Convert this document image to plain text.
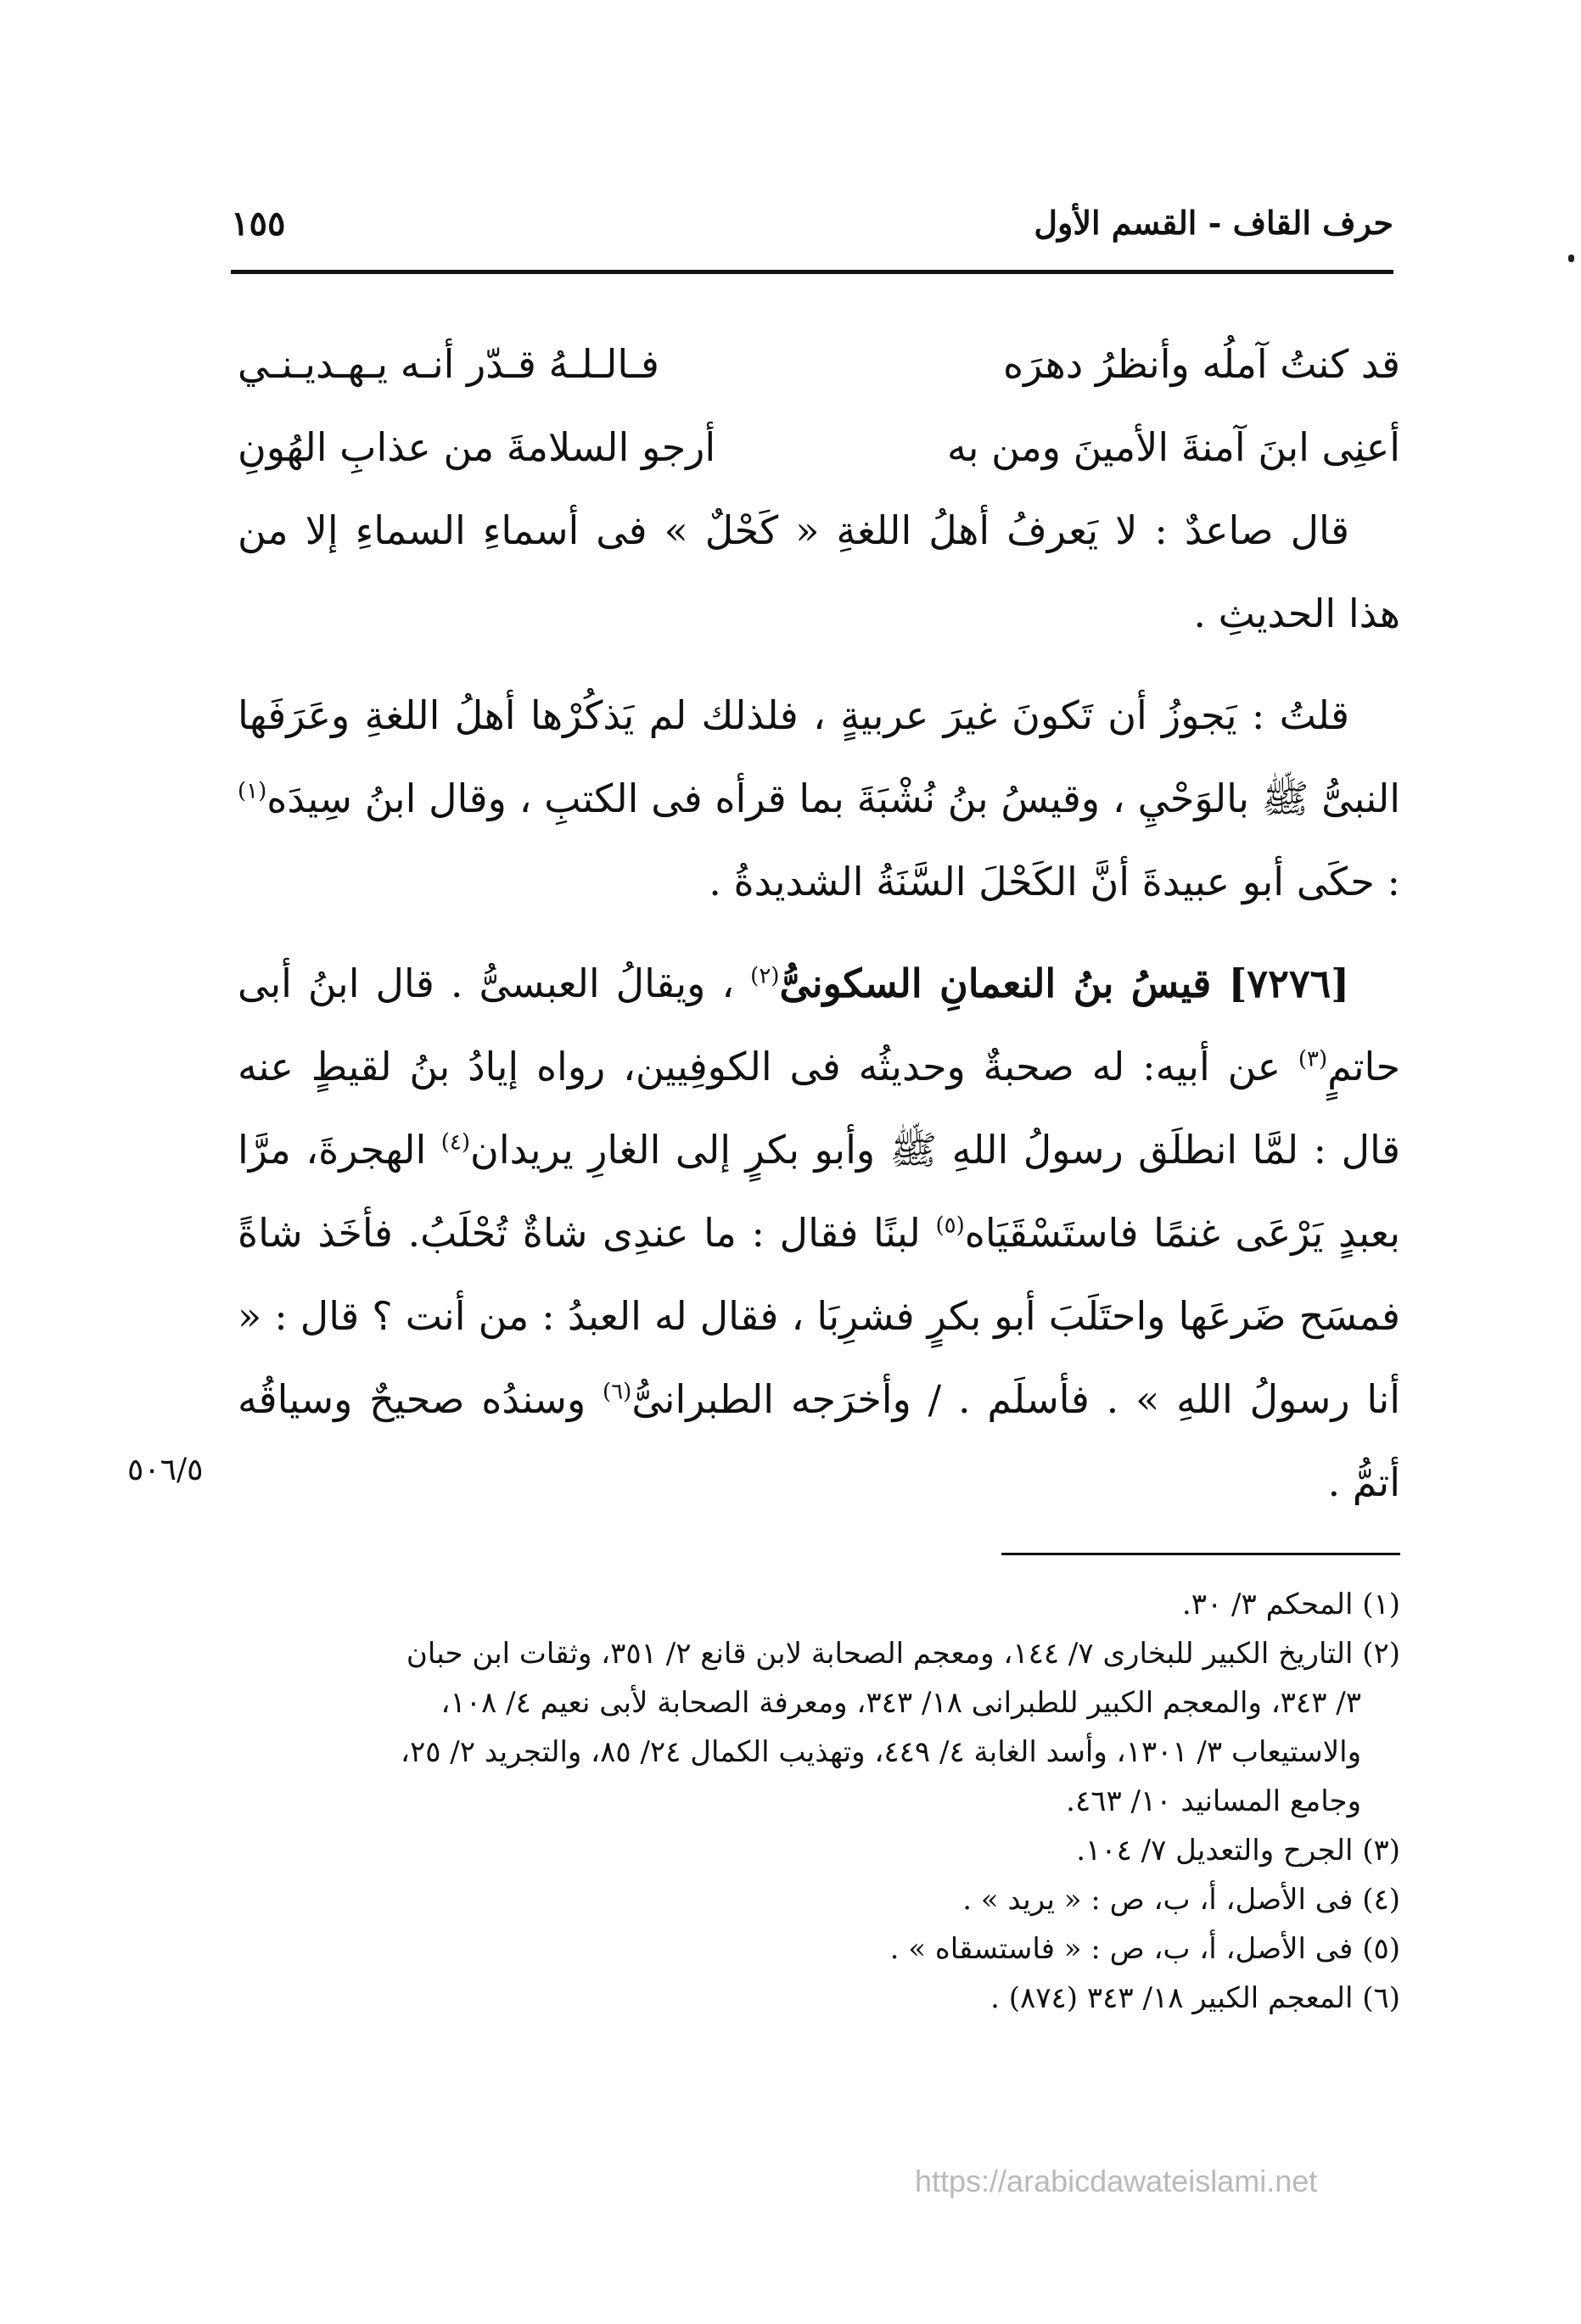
حرف القاف - القسم الأول
١٥٥
قد كنتُ آملُه وأنظرُ دهرَه
فـالـلـهُ قـدّر أنـه يـهـديـنـي
أعنِى ابنَ آمنةَ الأمينَ ومن به
أرجو السلامةَ من عذابِ الهُونِ

قال صاعدٌ : لا يَعرفُ أهلُ اللغةِ « كَحْلٌ » فى أسماءِ السماءِ إلا من هذا الحديثِ .

قلتُ : يَجوزُ أن تَكونَ غيرَ عربيةٍ ، فلذلك لم يَذكُرْها أهلُ اللغةِ وعَرَفَها النبىُّ ﷺ بالوَحْيِ ، وقيسُ بنُ نُشْبَةَ بما قرأه فى الكتبِ ، وقال ابنُ سِيدَه$^{(١)}$ : حكَى أبو عبيدةَ أنَّ الكَحْلَ السَّنَةُ الشديدةُ .

[٧٢٧٦] قيسُ بنُ النعمانِ السكونىُّ$^{(٢)}$ ، ويقالُ العبسىُّ . قال ابنُ أبى حاتمٍ$^{(٣)}$ عن أبيه: له صحبةٌ وحديثُه فى الكوفِيين، رواه إيادُ بنُ لقيطٍ عنه قال : لمَّا انطلَق رسولُ اللهِ ﷺ وأبو بكرٍ إلى الغارِ يريدان$^{(٤)}$ الهجرةَ، مرَّا بعبدٍ يَرْعَى غنمًا فاستَسْقَيَاه$^{(٥)}$ لبنًا فقال : ما عندِى شاةٌ تُحْلَبُ. فأخَذ شاةً فمسَح ضَرعَها واحتَلَبَ أبو بكرٍ فشرِبَا ، فقال له العبدُ : من أنت ؟ قال : « أنا رسولُ اللهِ » . فأسلَم . / وأخرَجه الطبرانىُّ$^{(٦)}$ وسندُه صحيحٌ وسياقُه أتمُّ .

٥٠٦/٥

(١) المحكم ٣/ ٣٠.

(٢) التاريخ الكبير للبخارى ٧/ ١٤٤، ومعجم الصحابة لابن قانع ٢/ ٣٥١، وثقات ابن حبان

٣/ ٣٤٣، والمعجم الكبير للطبرانى ١٨/ ٣٤٣، ومعرفة الصحابة لأبى نعيم ٤/ ١٠٨،

والاستيعاب ٣/ ١٣٠١، وأسد الغابة ٤/ ٤٤٩، وتهذيب الكمال ٢٤/ ٨٥، والتجريد ٢/ ٢٥،

وجامع المسانيد ١٠/ ٤٦٣.

(٣) الجرح والتعديل ٧/ ١٠٤.

(٤) فى الأصل، أ، ب، ص : « يريد » .

(٥) فى الأصل، أ، ب، ص : « فاستسقاه » .

(٦) المعجم الكبير ١٨/ ٣٤٣ (٨٧٤) .

https://arabicdawateislami.net
